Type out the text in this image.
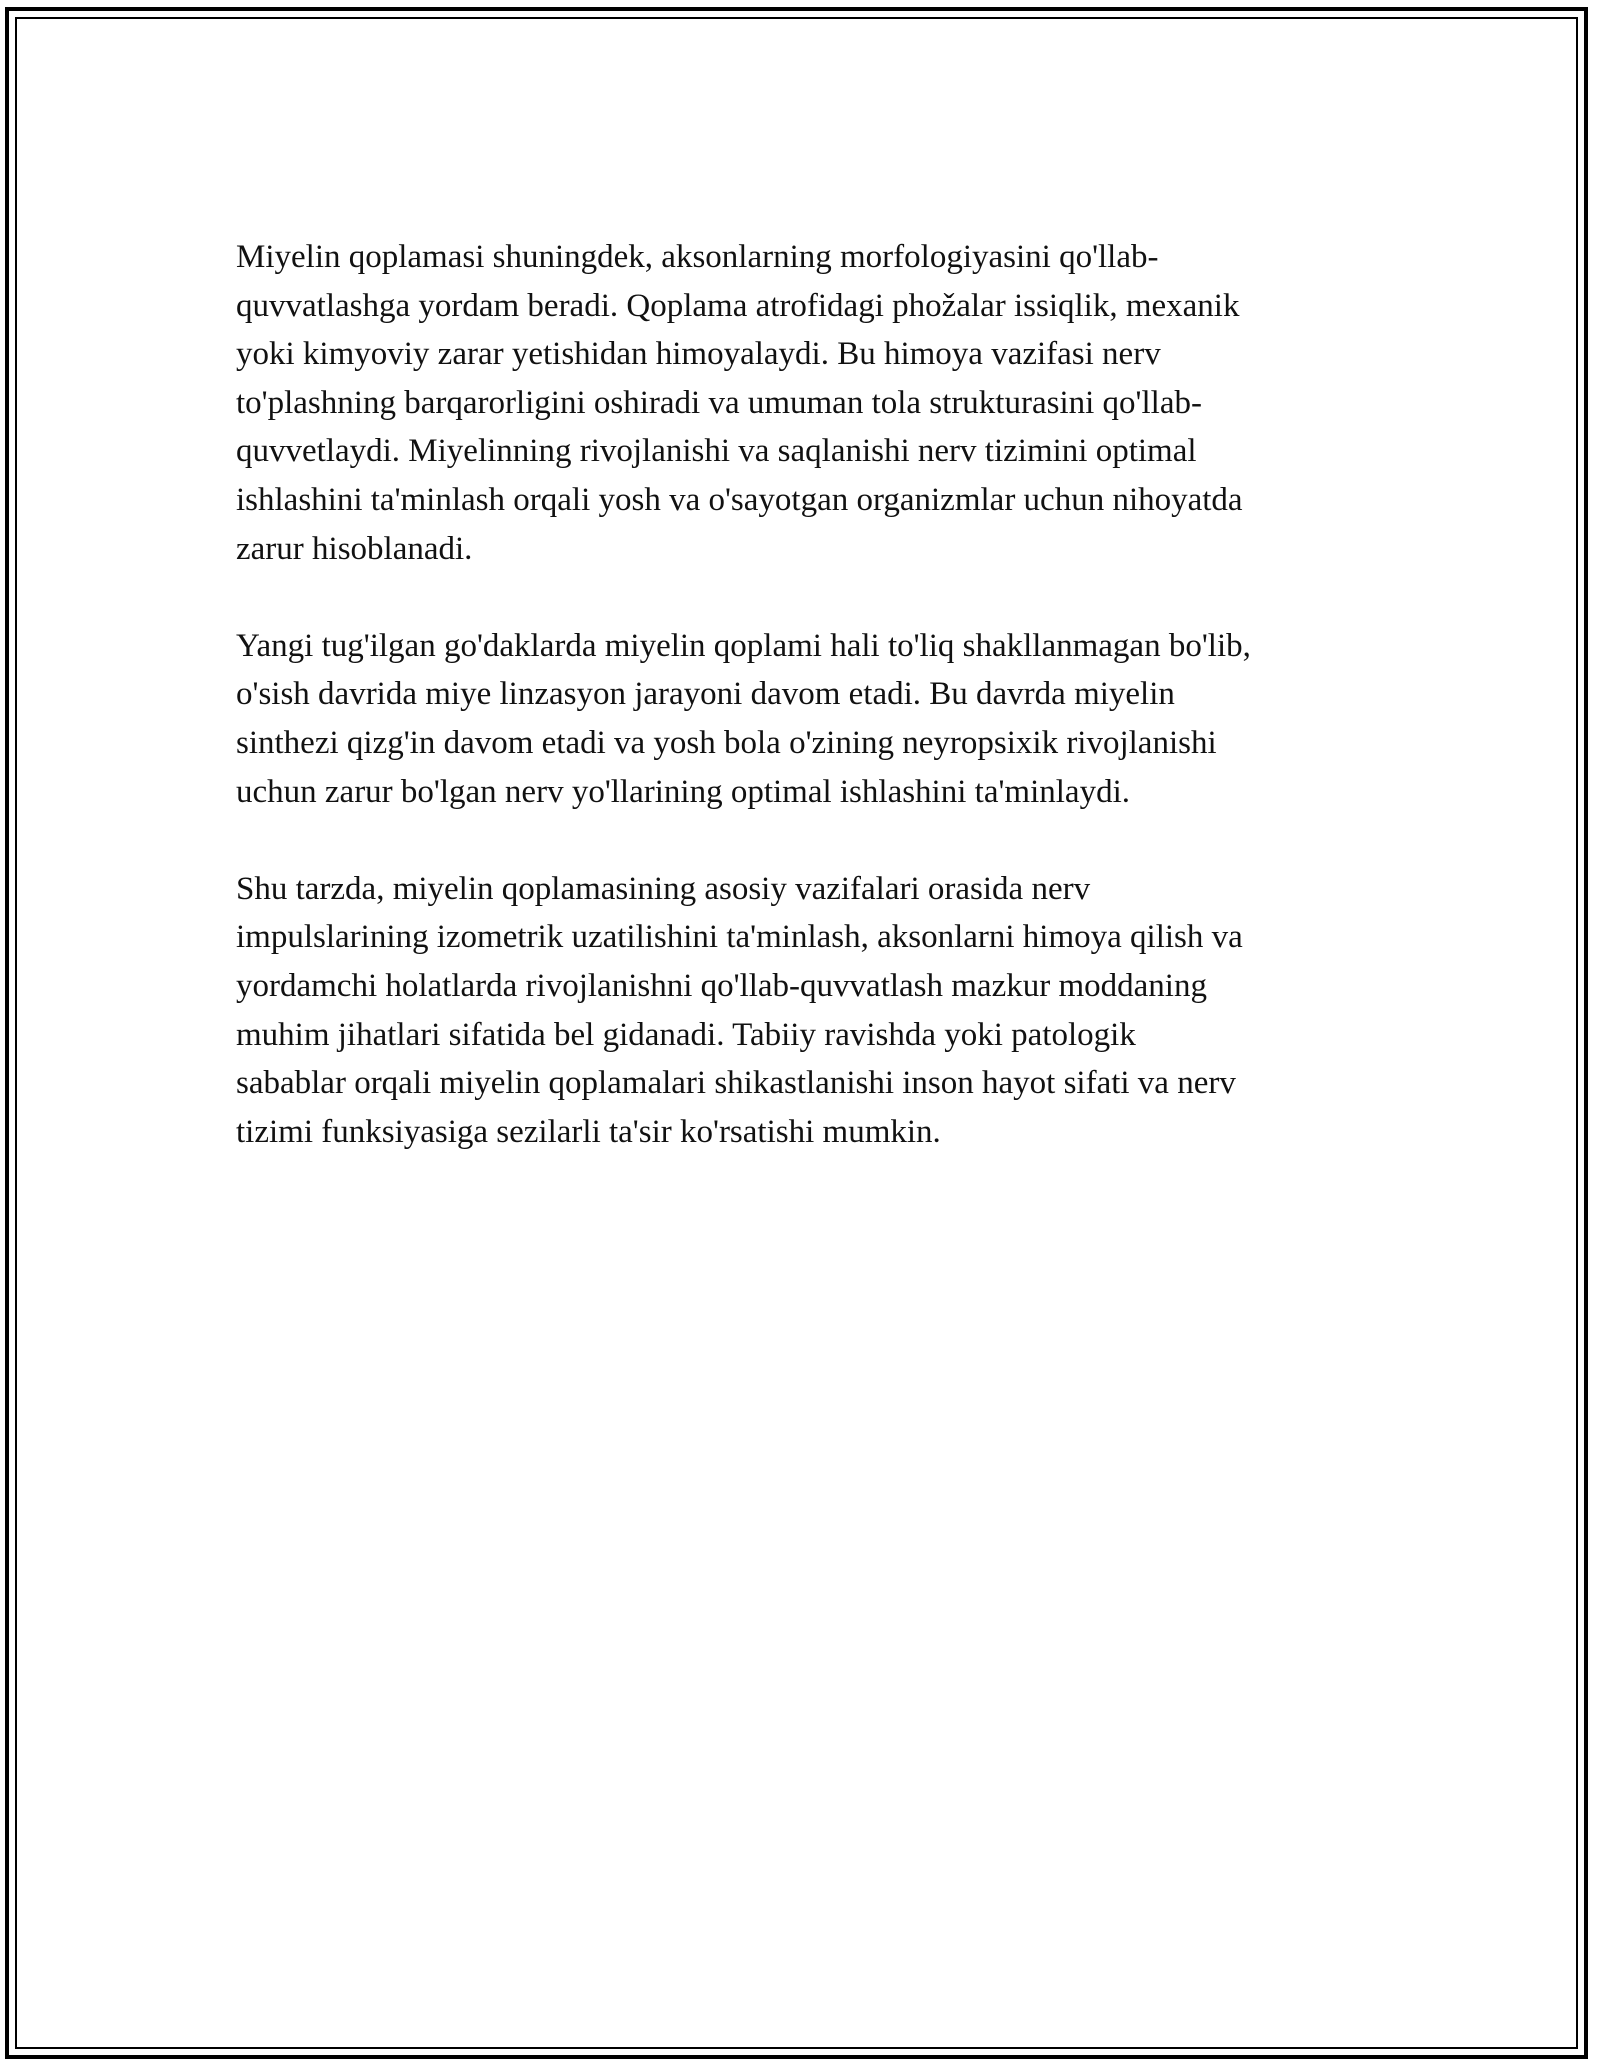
Miyelin qoplamasi shuningdek, aksonlarning morfologiyasini qo'llab-
quvvatlashga yordam beradi. Qoplama atrofidagi phožalar issiqlik, mexanik
yoki kimyoviy zarar yetishidan himoyalaydi. Bu himoya vazifasi nerv
to'plashning barqarorligini oshiradi va umuman tola strukturasini qo'llab-
quvvetlaydi. Miyelinning rivojlanishi va saqlanishi nerv tizimini optimal
ishlashini ta'minlash orqali yosh va o'sayotgan organizmlar uchun nihoyatda
zarur hisoblanadi.

Yangi tug'ilgan go'daklarda miyelin qoplami hali to'liq shakllanmagan bo'lib,
o'sish davrida miye linzasyon jarayoni davom etadi. Bu davrda miyelin
sinthezi qizg'in davom etadi va yosh bola o'zining neyropsixik rivojlanishi
uchun zarur bo'lgan nerv yo'llarining optimal ishlashini ta'minlaydi.

Shu tarzda, miyelin qoplamasining asosiy vazifalari orasida nerv
impulslarining izometrik uzatilishini ta'minlash, aksonlarni himoya qilish va
yordamchi holatlarda rivojlanishni qo'llab-quvvatlash mazkur moddaning
muhim jihatlari sifatida bel gidanadi. Tabiiy ravishda yoki patologik
sabablar orqali miyelin qoplamalari shikastlanishi inson hayot sifati va nerv
tizimi funksiyasiga sezilarli ta'sir ko'rsatishi mumkin.
